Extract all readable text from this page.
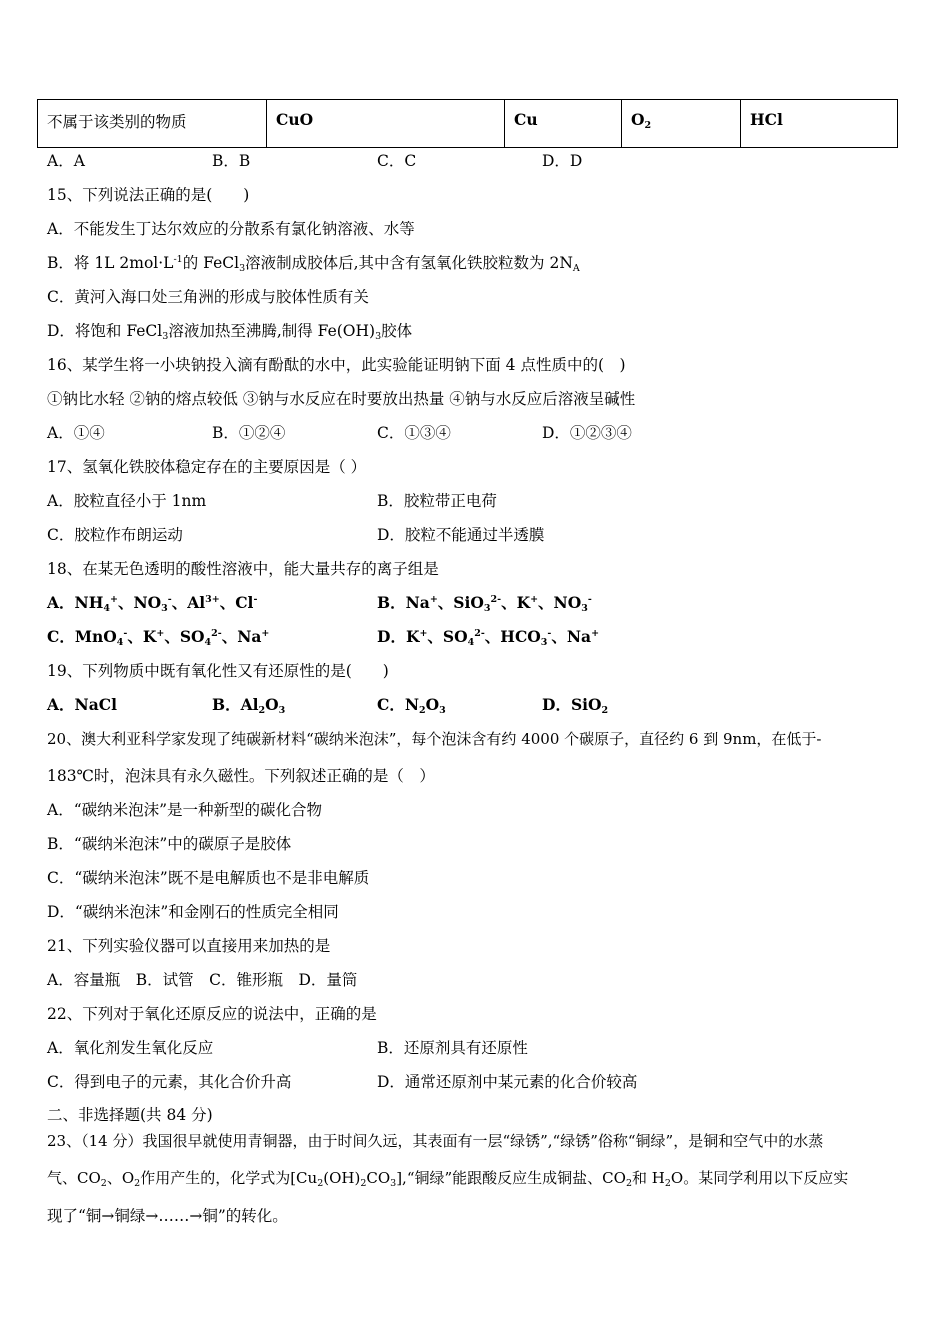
不属于该类别的物质	CuO	Cu	$O_2$	HCl
A．A	B．B	C．C	D．D
15、下列说法正确的是(　　)
A．不能发生丁达尔效应的分散系有氯化钠溶液、水等
B．将 1L $2mol\cdot L^{-1}$的 FeCl$_3$溶液制成胶体后,其中含有氢氧化铁胶粒数为 $2N_A$
C．黄河入海口处三角洲的形成与胶体性质有关
D．将饱和 FeCl$_3$溶液加热至沸腾,制得 $Fe(OH)_3$胶体
16、某学生将一小块钠投入滴有酚酞的水中，此实验能证明钠下面 4 点性质中的(　)
①钠比水轻 ②钠的熔点较低 ③钠与水反应在时要放出热量 ④钠与水反应后溶液呈碱性
A．①④	B．①②④	C．①③④	D．①②③④
17、氢氧化铁胶体稳定存在的主要原因是（ ）
A．胶粒直径小于 1nm	B．胶粒带正电荷
C．胶粒作布朗运动	D．胶粒不能通过半透膜
18、在某无色透明的酸性溶液中，能大量共存的离子组是
A．$NH_4^+$、$NO_3^-$、$Al^{3+}$、Cl-	B．Na+、SiO$_3^{2-}$、K+、$NO_3^-$
C．MnO$_4$-、K+、$SO_4^{2-}$、Na+	D．K+、$SO_4^{2-}$、$HCO_3^-$、Na+
19、下列物质中既有氧化性又有还原性的是(　　)
A．NaCl	B．$Al_2O_3$	C．$N_2O_3$	D．SiO$_2$
20、澳大利亚科学家发现了纯碳新材料“碳纳米泡沫”，每个泡沫含有约 4000 个碳原子，直径约 6 到 9nm，在低于-
183℃时，泡沫具有永久磁性。下列叙述正确的是（　）
A．“碳纳米泡沫”是一种新型的碳化合物
B．“碳纳米泡沫”中的碳原子是胶体
C．“碳纳米泡沫”既不是电解质也不是非电解质
D．“碳纳米泡沫”和金刚石的性质完全相同
21、下列实验仪器可以直接用来加热的是
A．容量瓶　B．试管　C．锥形瓶　D．量筒
22、下列对于氧化还原反应的说法中，正确的是
A．氧化剂发生氧化反应	B．还原剂具有还原性
C．得到电子的元素，其化合价升高	D．通常还原剂中某元素的化合价较高
二、非选择题(共 84 分)
23、（14 分）我国很早就使用青铜器，由于时间久远，其表面有一层“绿锈”,“绿锈”俗称“铜绿”，是铜和空气中的水蒸
气、$CO_2$、$O_2$作用产生的，化学式为$[Cu_2(OH)_2CO_3],“$铜绿”能跟酸反应生成铜盐、$CO_2$和 $H_2O$。某同学利用以下反应实
现了“铜→铜绿→……→铜”的转化。
